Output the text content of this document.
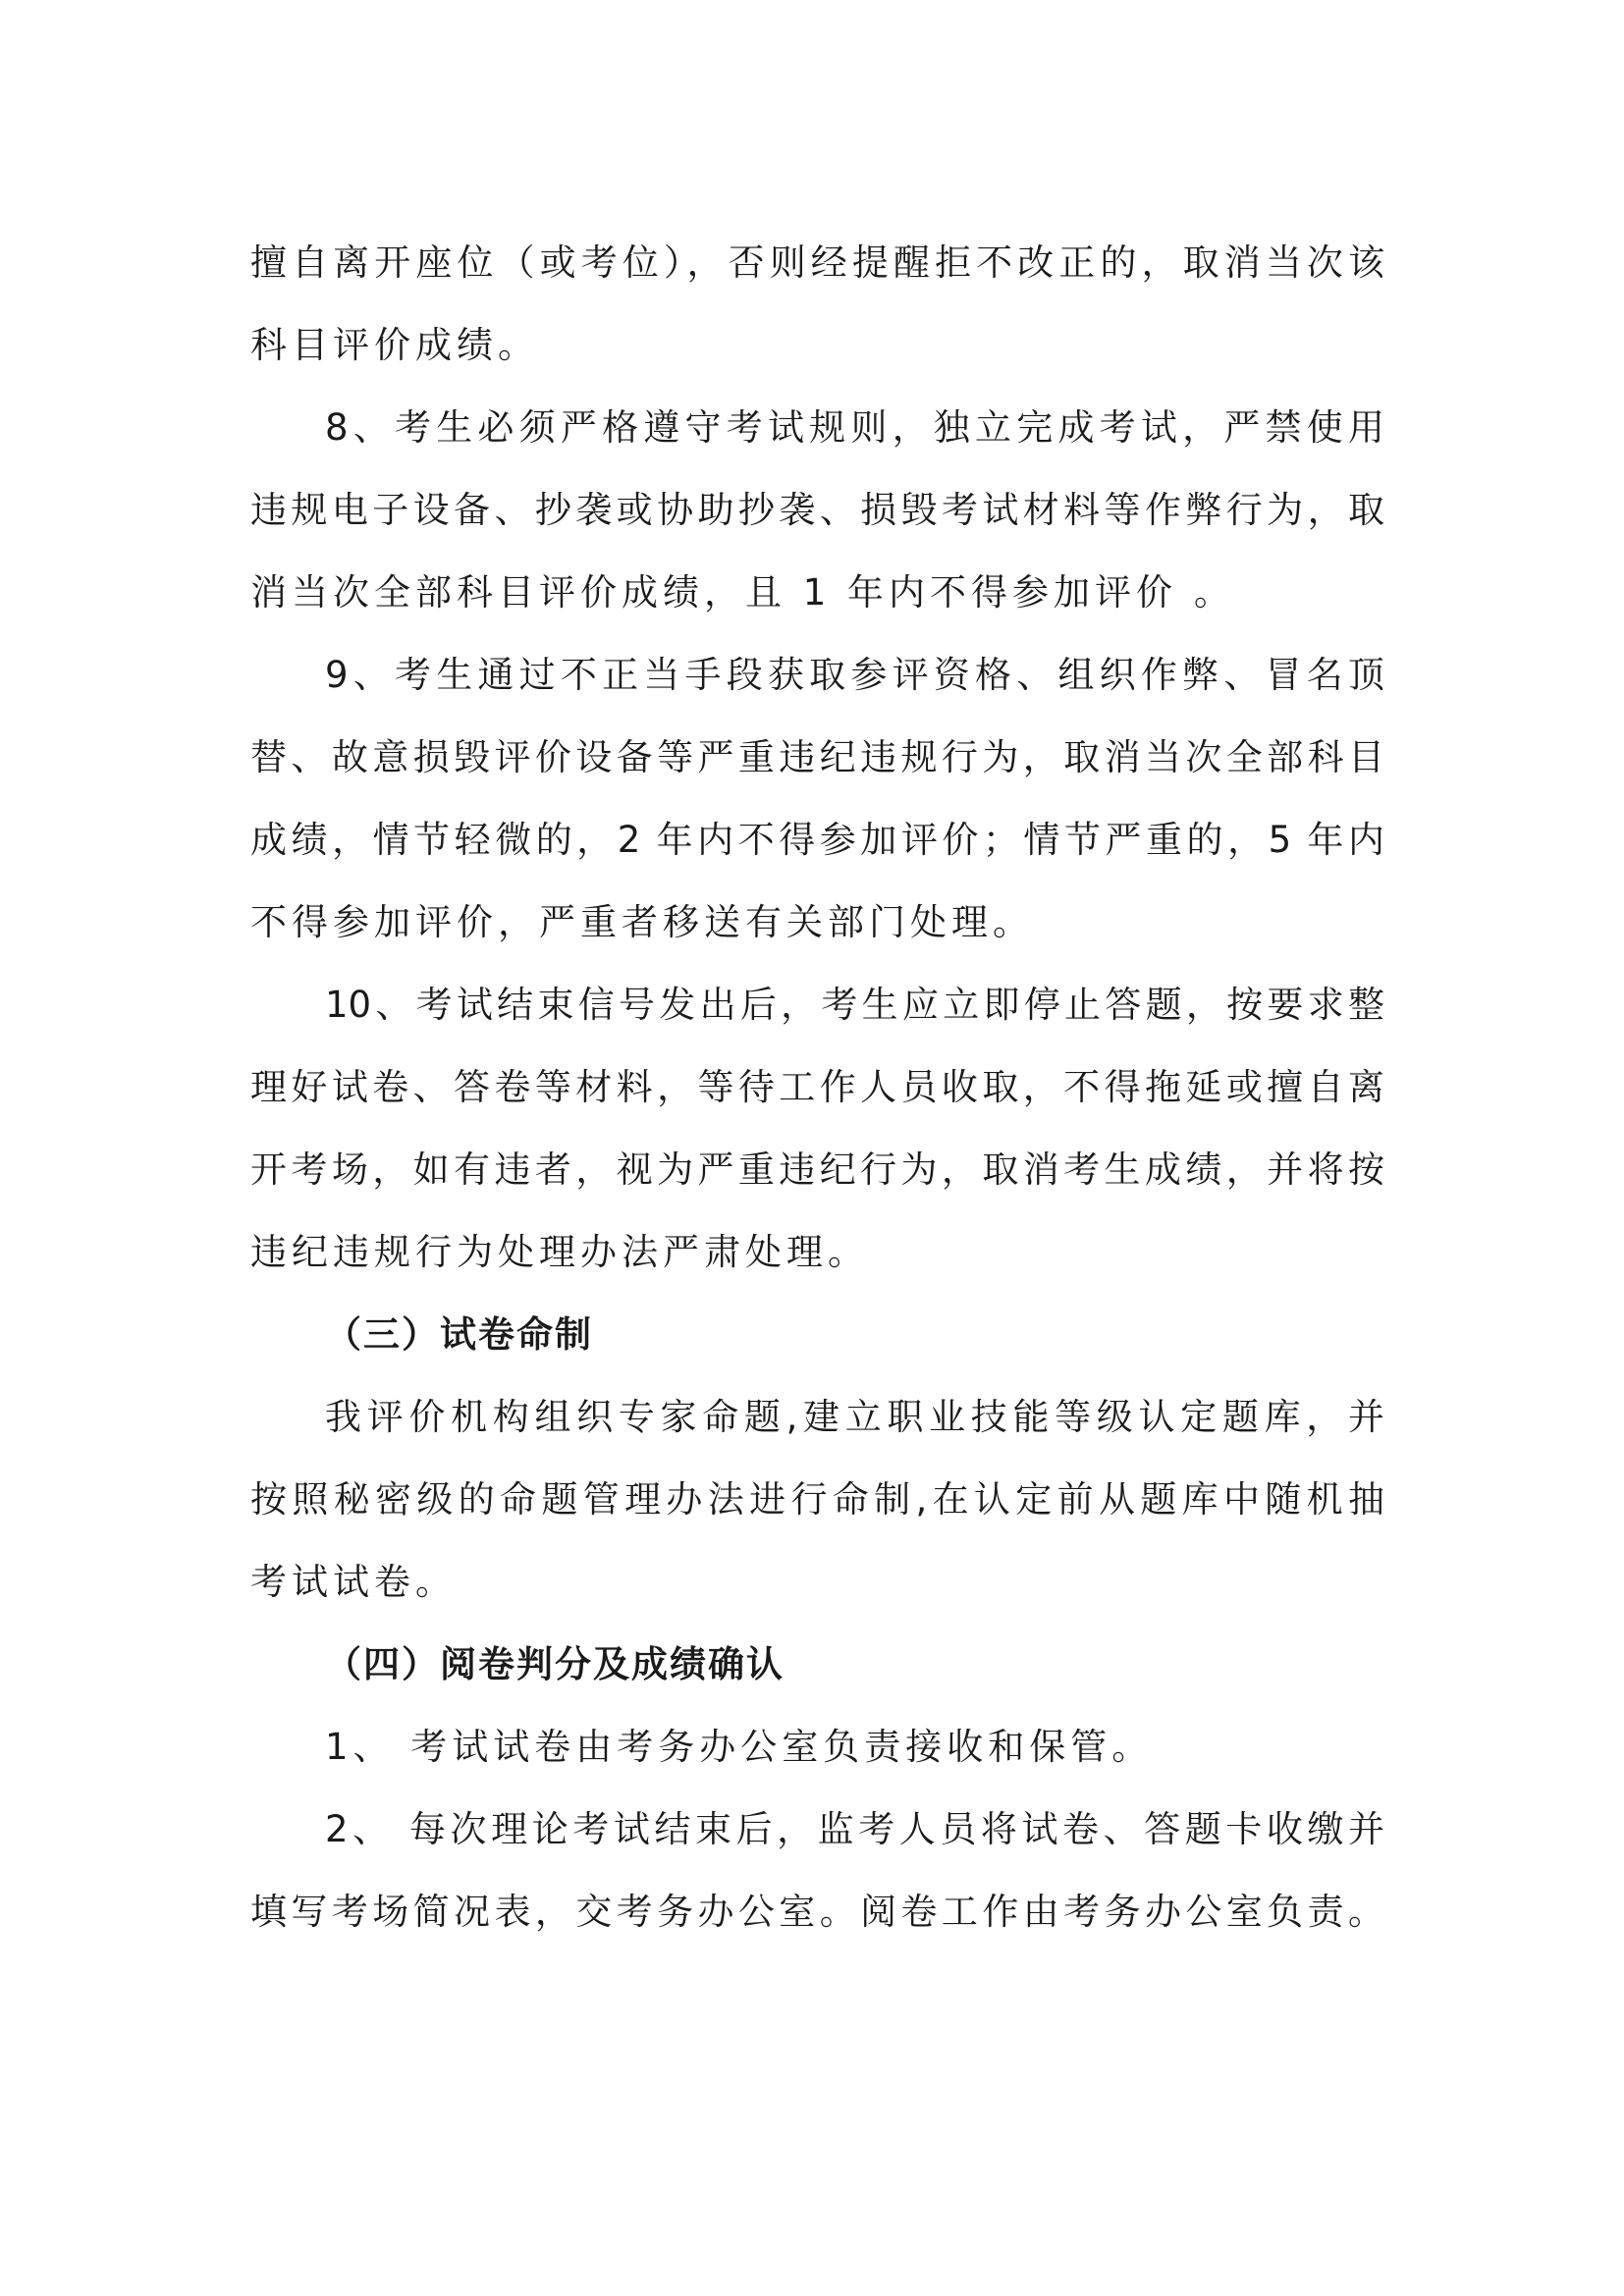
擅自离开座位（或考位），否则经提醒拒不改正的，取消当次该
科目评价成绩。
8、考生必须严格遵守考试规则，独立完成考试，严禁使用
违规电子设备、抄袭或协助抄袭、损毁考试材料等作弊行为，取
消当次全部科目评价成绩，且 1 年内不得参加评价 。
9、考生通过不正当手段获取参评资格、组织作弊、冒名顶
替、故意损毁评价设备等严重违纪违规行为，取消当次全部科目
成绩，情节轻微的，2 年内不得参加评价；情节严重的，5 年内
不得参加评价，严重者移送有关部门处理。
10、考试结束信号发出后，考生应立即停止答题，按要求整
理好试卷、答卷等材料，等待工作人员收取，不得拖延或擅自离
开考场，如有违者，视为严重违纪行为，取消考生成绩，并将按
违纪违规行为处理办法严肃处理。
（三）试卷命制
我评价机构组织专家命题,建立职业技能等级认定题库，并
按照秘密级的命题管理办法进行命制,在认定前从题库中随机抽
考试试卷。
（四）阅卷判分及成绩确认
1、 考试试卷由考务办公室负责接收和保管。
2、 每次理论考试结束后，监考人员将试卷、答题卡收缴并
填写考场简况表，交考务办公室。阅卷工作由考务办公室负责。
